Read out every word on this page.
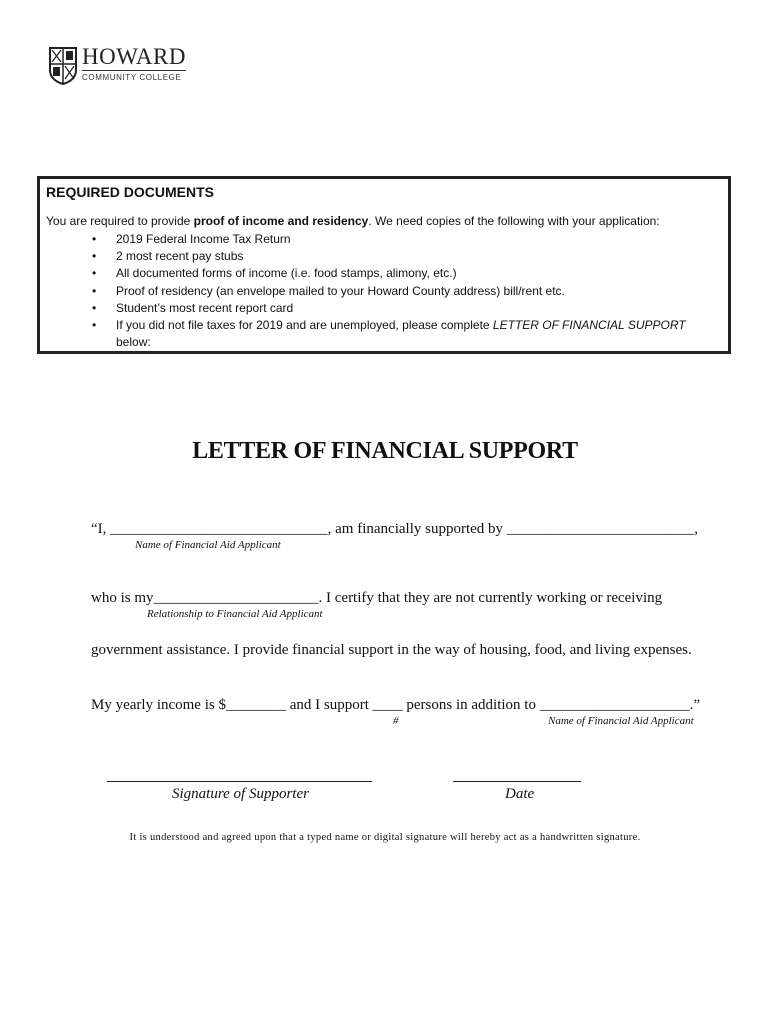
HOWARD
COMMUNITY COLLEGE
REQUIRED DOCUMENTS
You are required to provide proof of income and residency. We need copies of the following with your application:
• 2019 Federal Income Tax Return
• 2 most recent pay stubs
• All documented forms of income (i.e. food stamps, alimony, etc.)
• Proof of residency (an envelope mailed to your Howard County address) bill/rent etc.
• Student’s most recent report card
• If you did not file taxes for 2019 and are unemployed, please complete LETTER OF FINANCIAL SUPPORT
below:
LETTER OF FINANCIAL SUPPORT
“I, _____________________________, am financially supported by _________________________,
Name of Financial Aid Applicant
who is my______________________. I certify that they are not currently working or receiving
Relationship to Financial Aid Applicant
government assistance. I provide financial support in the way of housing, food, and living expenses.
My yearly income is $________ and I support ____ persons in addition to ____________________.”
#	Name of Financial Aid Applicant
Signature of Supporter	Date
It is understood and agreed upon that a typed name or digital signature will hereby act as a handwritten signature.
